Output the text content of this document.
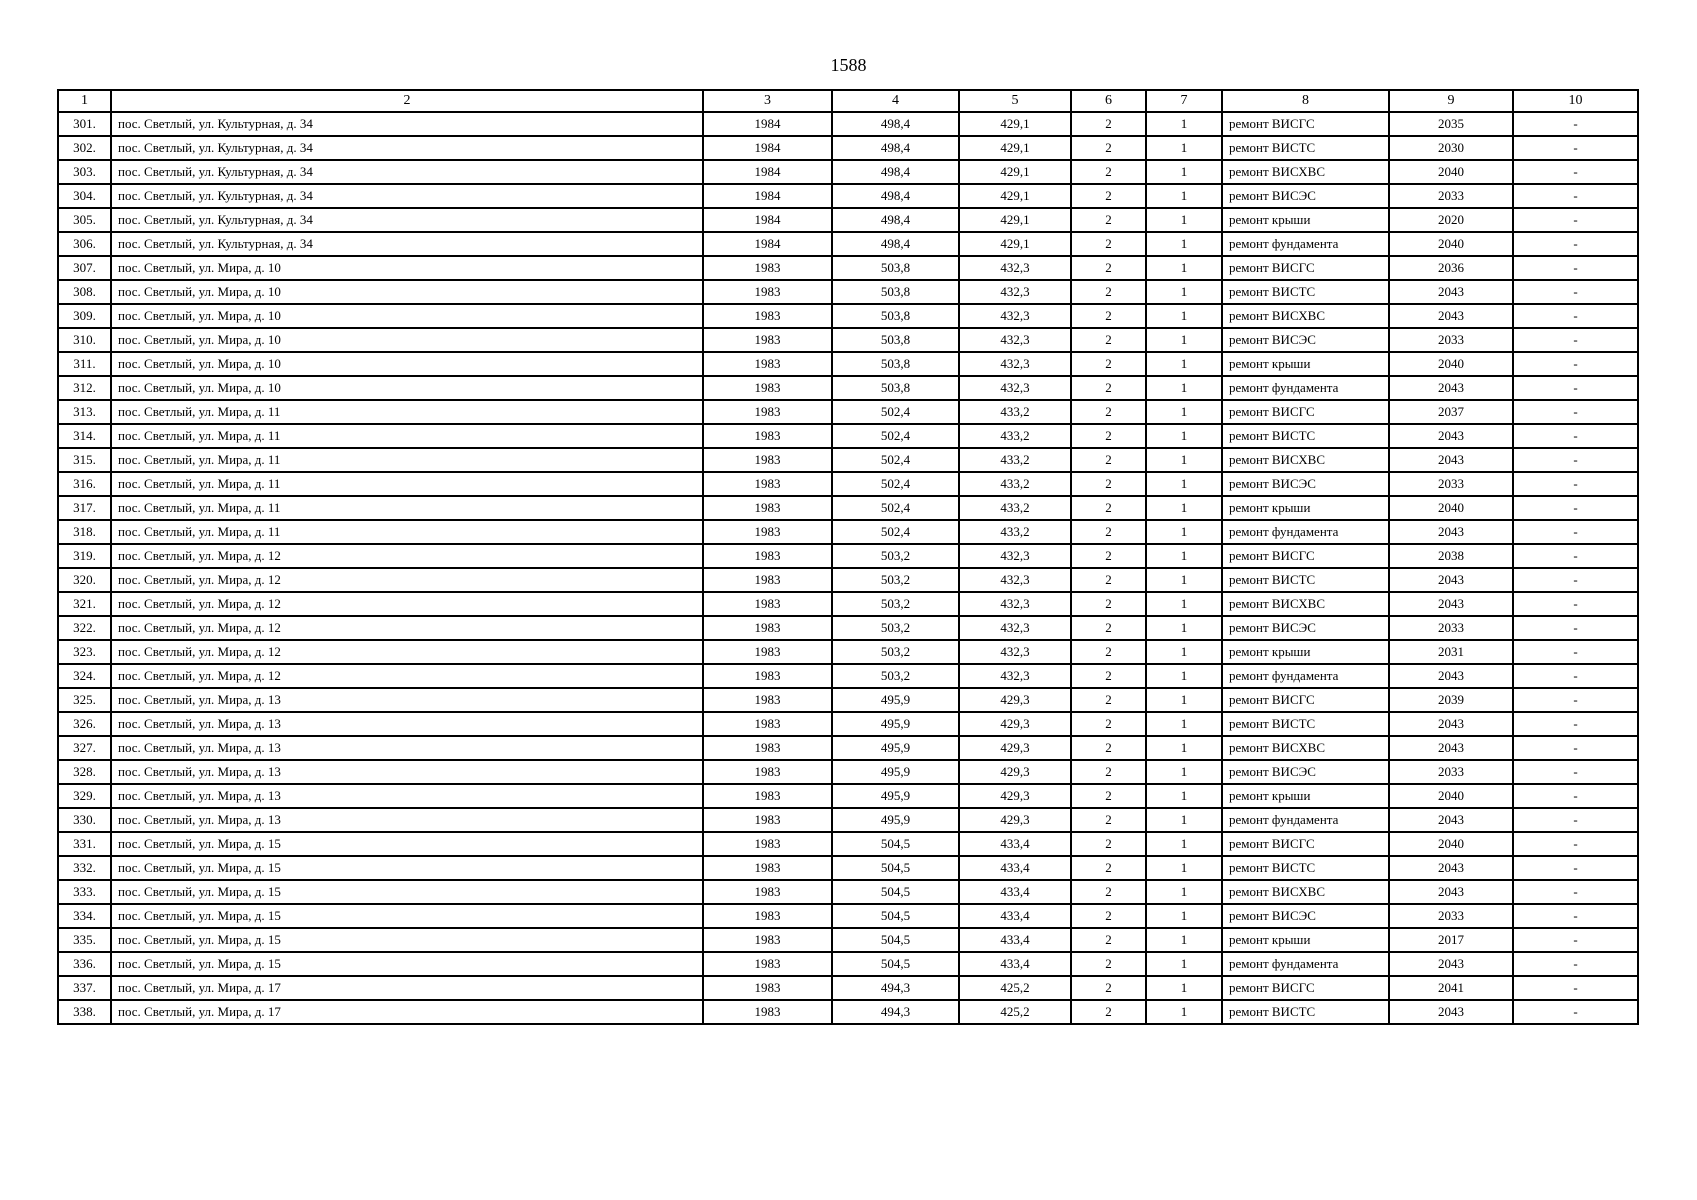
1588
1	2	3	4	5	6	7	8	9	10
301.	пос. Светлый, ул. Культурная, д. 34	1984	498,4	429,1	2	1	ремонт ВИСГС	2035	-
302.	пос. Светлый, ул. Культурная, д. 34	1984	498,4	429,1	2	1	ремонт ВИСТС	2030	-
303.	пос. Светлый, ул. Культурная, д. 34	1984	498,4	429,1	2	1	ремонт ВИСХВС	2040	-
304.	пос. Светлый, ул. Культурная, д. 34	1984	498,4	429,1	2	1	ремонт ВИСЭС	2033	-
305.	пос. Светлый, ул. Культурная, д. 34	1984	498,4	429,1	2	1	ремонт крыши	2020	-
306.	пос. Светлый, ул. Культурная, д. 34	1984	498,4	429,1	2	1	ремонт фундамента	2040	-
307.	пос. Светлый, ул. Мира, д. 10	1983	503,8	432,3	2	1	ремонт ВИСГС	2036	-
308.	пос. Светлый, ул. Мира, д. 10	1983	503,8	432,3	2	1	ремонт ВИСТС	2043	-
309.	пос. Светлый, ул. Мира, д. 10	1983	503,8	432,3	2	1	ремонт ВИСХВС	2043	-
310.	пос. Светлый, ул. Мира, д. 10	1983	503,8	432,3	2	1	ремонт ВИСЭС	2033	-
311.	пос. Светлый, ул. Мира, д. 10	1983	503,8	432,3	2	1	ремонт крыши	2040	-
312.	пос. Светлый, ул. Мира, д. 10	1983	503,8	432,3	2	1	ремонт фундамента	2043	-
313.	пос. Светлый, ул. Мира, д. 11	1983	502,4	433,2	2	1	ремонт ВИСГС	2037	-
314.	пос. Светлый, ул. Мира, д. 11	1983	502,4	433,2	2	1	ремонт ВИСТС	2043	-
315.	пос. Светлый, ул. Мира, д. 11	1983	502,4	433,2	2	1	ремонт ВИСХВС	2043	-
316.	пос. Светлый, ул. Мира, д. 11	1983	502,4	433,2	2	1	ремонт ВИСЭС	2033	-
317.	пос. Светлый, ул. Мира, д. 11	1983	502,4	433,2	2	1	ремонт крыши	2040	-
318.	пос. Светлый, ул. Мира, д. 11	1983	502,4	433,2	2	1	ремонт фундамента	2043	-
319.	пос. Светлый, ул. Мира, д. 12	1983	503,2	432,3	2	1	ремонт ВИСГС	2038	-
320.	пос. Светлый, ул. Мира, д. 12	1983	503,2	432,3	2	1	ремонт ВИСТС	2043	-
321.	пос. Светлый, ул. Мира, д. 12	1983	503,2	432,3	2	1	ремонт ВИСХВС	2043	-
322.	пос. Светлый, ул. Мира, д. 12	1983	503,2	432,3	2	1	ремонт ВИСЭС	2033	-
323.	пос. Светлый, ул. Мира, д. 12	1983	503,2	432,3	2	1	ремонт крыши	2031	-
324.	пос. Светлый, ул. Мира, д. 12	1983	503,2	432,3	2	1	ремонт фундамента	2043	-
325.	пос. Светлый, ул. Мира, д. 13	1983	495,9	429,3	2	1	ремонт ВИСГС	2039	-
326.	пос. Светлый, ул. Мира, д. 13	1983	495,9	429,3	2	1	ремонт ВИСТС	2043	-
327.	пос. Светлый, ул. Мира, д. 13	1983	495,9	429,3	2	1	ремонт ВИСХВС	2043	-
328.	пос. Светлый, ул. Мира, д. 13	1983	495,9	429,3	2	1	ремонт ВИСЭС	2033	-
329.	пос. Светлый, ул. Мира, д. 13	1983	495,9	429,3	2	1	ремонт крыши	2040	-
330.	пос. Светлый, ул. Мира, д. 13	1983	495,9	429,3	2	1	ремонт фундамента	2043	-
331.	пос. Светлый, ул. Мира, д. 15	1983	504,5	433,4	2	1	ремонт ВИСГС	2040	-
332.	пос. Светлый, ул. Мира, д. 15	1983	504,5	433,4	2	1	ремонт ВИСТС	2043	-
333.	пос. Светлый, ул. Мира, д. 15	1983	504,5	433,4	2	1	ремонт ВИСХВС	2043	-
334.	пос. Светлый, ул. Мира, д. 15	1983	504,5	433,4	2	1	ремонт ВИСЭС	2033	-
335.	пос. Светлый, ул. Мира, д. 15	1983	504,5	433,4	2	1	ремонт крыши	2017	-
336.	пос. Светлый, ул. Мира, д. 15	1983	504,5	433,4	2	1	ремонт фундамента	2043	-
337.	пос. Светлый, ул. Мира, д. 17	1983	494,3	425,2	2	1	ремонт ВИСГС	2041	-
338.	пос. Светлый, ул. Мира, д. 17	1983	494,3	425,2	2	1	ремонт ВИСТС	2043	-
